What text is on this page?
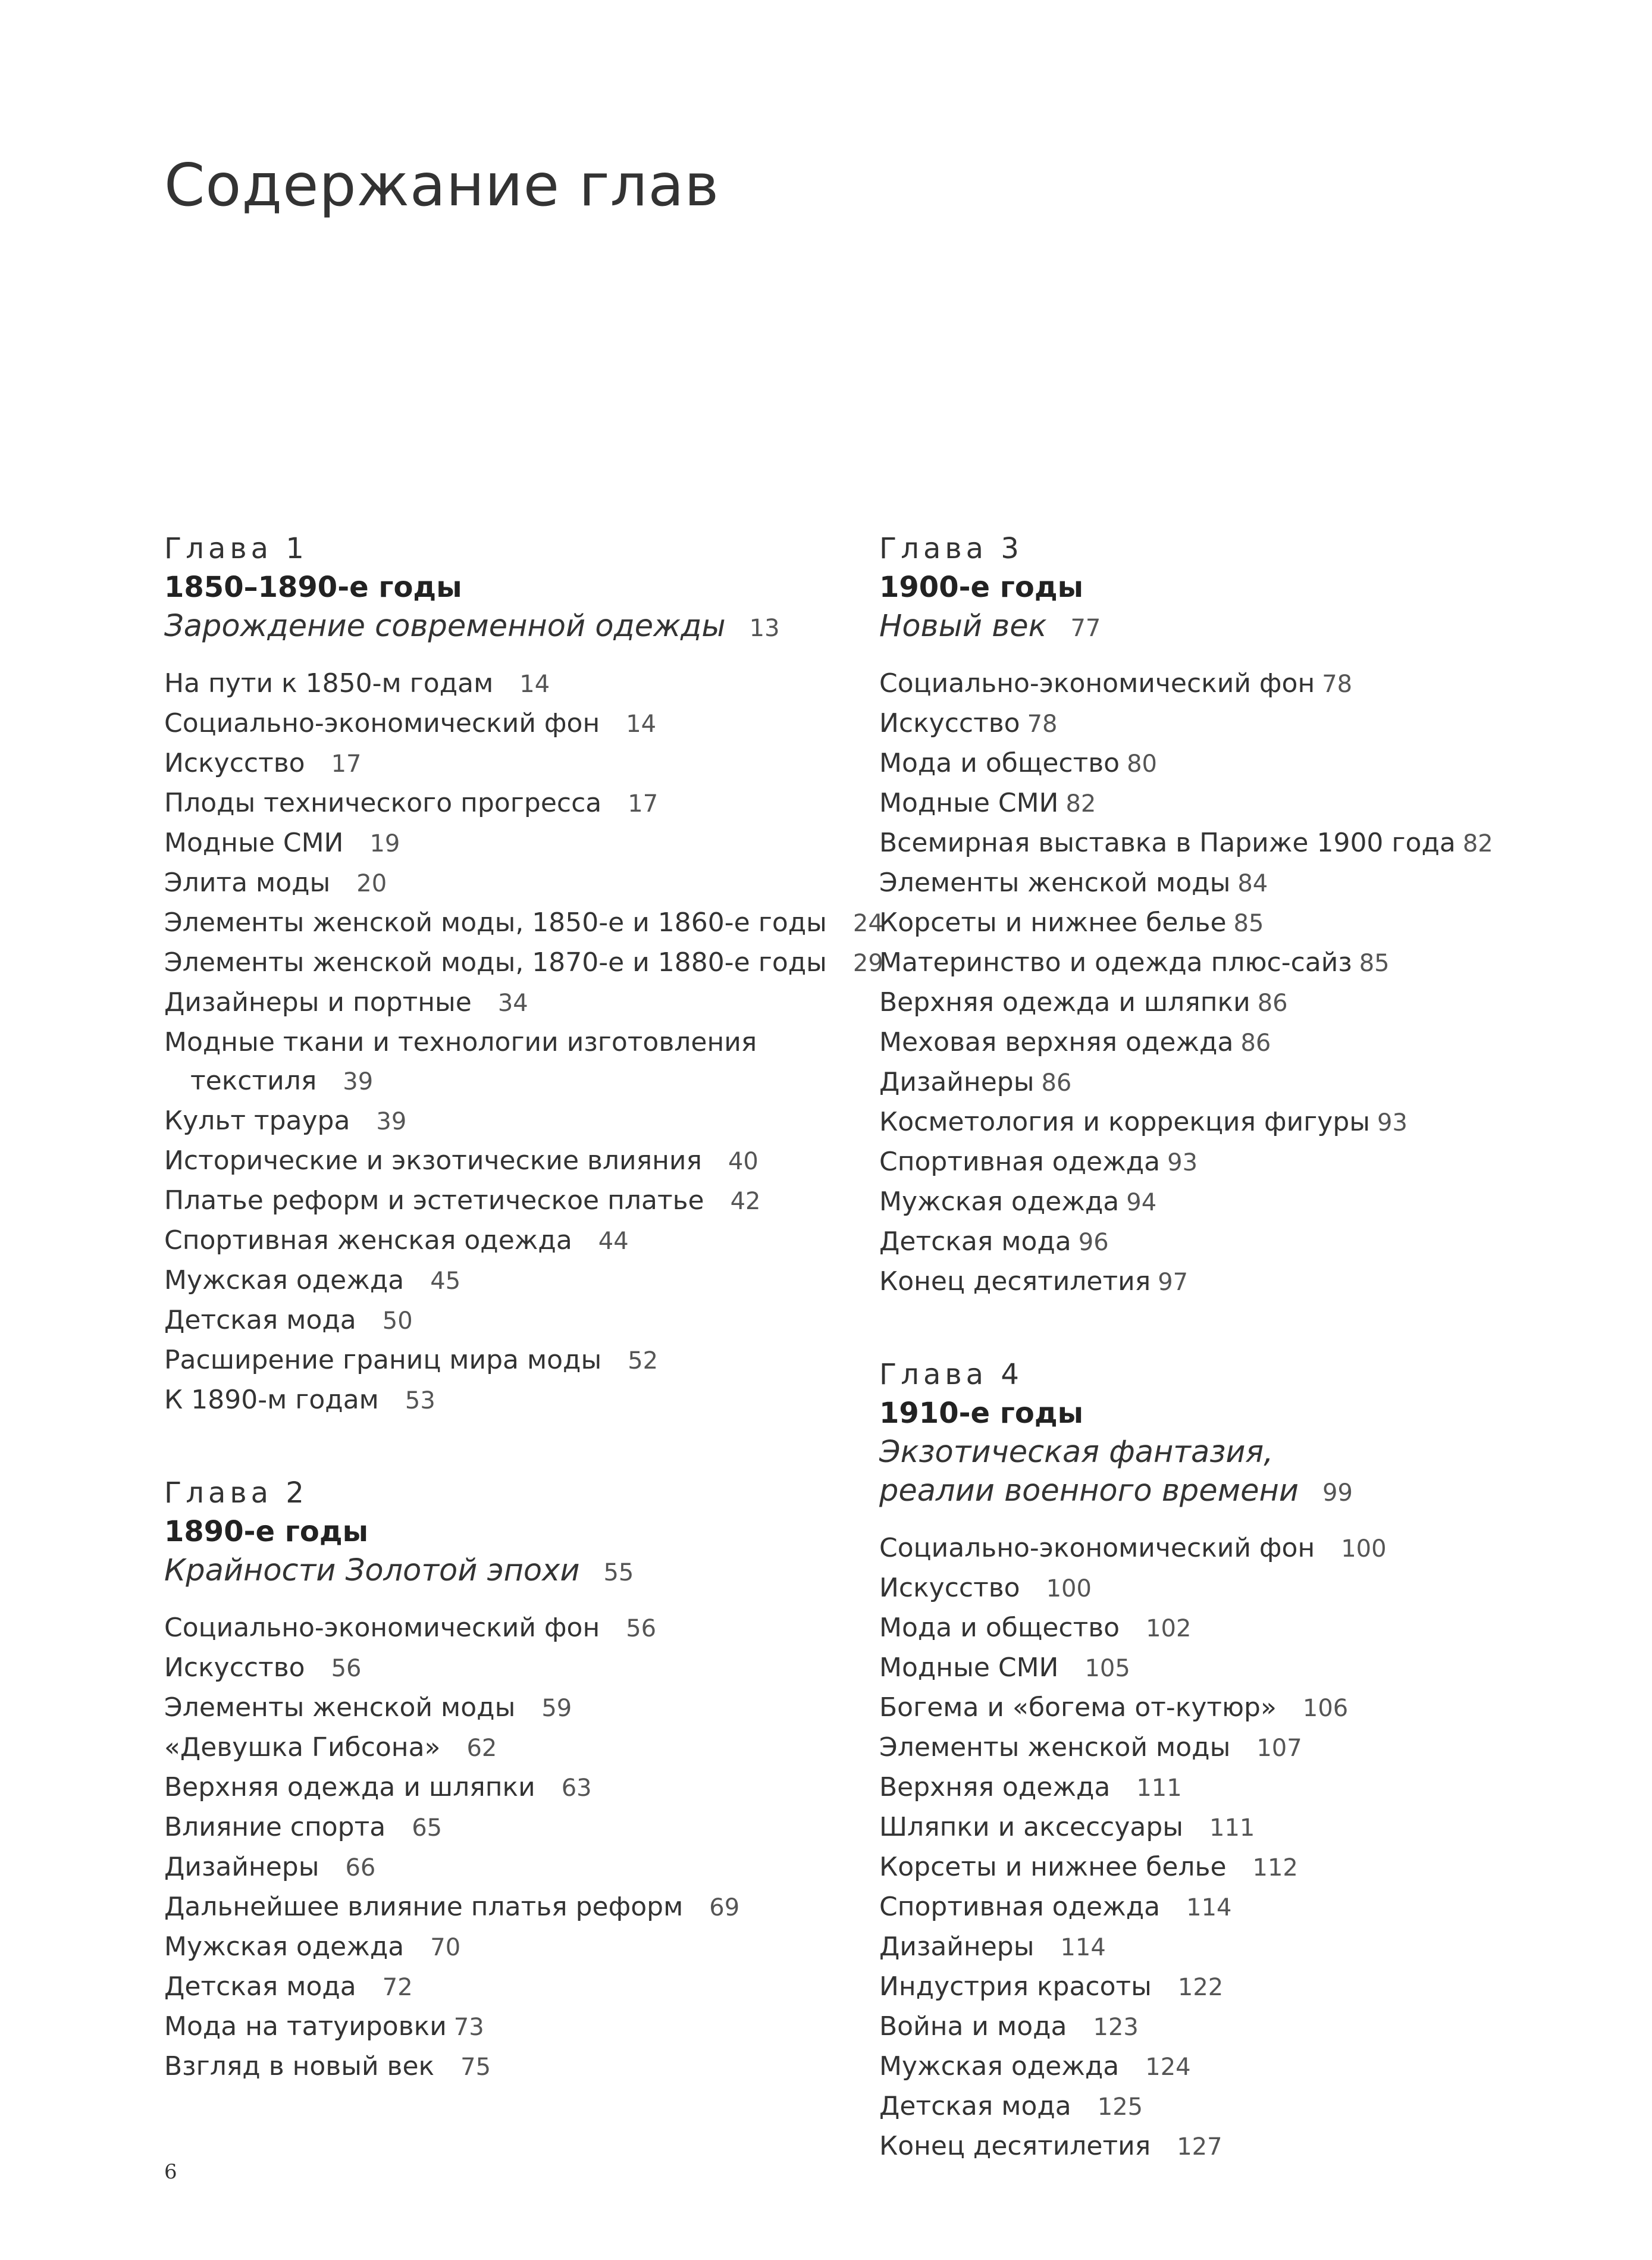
Содержание глав
Глава 1
1850–1890-е годы
Зарождение современной одежды 13
На пути к 1850-м годам 14
Социально-экономический фон 14
Искусство 17
Плоды технического прогресса 17
Модные СМИ 19
Элита моды 20
Элементы женской моды, 1850-е и 1860-е годы 24
Элементы женской моды, 1870-е и 1880-е годы 29
Дизайнеры и портные 34
Модные ткани и технологии изготовления
текстиля 39
Культ траура 39
Исторические и экзотические влияния 40
Платье реформ и эстетическое платье 42
Спортивная женская одежда 44
Мужская одежда 45
Детская мода 50
Расширение границ мира моды 52
К 1890-м годам 53
Глава 2
1890-е годы
Крайности Золотой эпохи 55
Социально-экономический фон 56
Искусство 56
Элементы женской моды 59
«Девушка Гибсона» 62
Верхняя одежда и шляпки 63
Влияние спорта 65
Дизайнеры 66
Дальнейшее влияние платья реформ 69
Мужская одежда 70
Детская мода 72
Мода на татуировки 73
Взгляд в новый век 75
Глава 3
1900-е годы
Новый век 77
Социально-экономический фон 78
Искусство 78
Мода и общество 80
Модные СМИ 82
Всемирная выставка в Париже 1900 года 82
Элементы женской моды 84
Корсеты и нижнее белье 85
Материнство и одежда плюс-сайз 85
Верхняя одежда и шляпки 86
Меховая верхняя одежда 86
Дизайнеры 86
Косметология и коррекция фигуры 93
Спортивная одежда 93
Мужская одежда 94
Детская мода 96
Конец десятилетия 97
Глава 4
1910-е годы
Экзотическая фантазия,
реалии военного времени 99
Социально-экономический фон 100
Искусство 100
Мода и общество 102
Модные СМИ 105
Богема и «богема от-кутюр» 106
Элементы женской моды 107
Верхняя одежда 111
Шляпки и аксессуары 111
Корсеты и нижнее белье 112
Спортивная одежда 114
Дизайнеры 114
Индустрия красоты 122
Война и мода 123
Мужская одежда 124
Детская мода 125
Конец десятилетия 127
6
